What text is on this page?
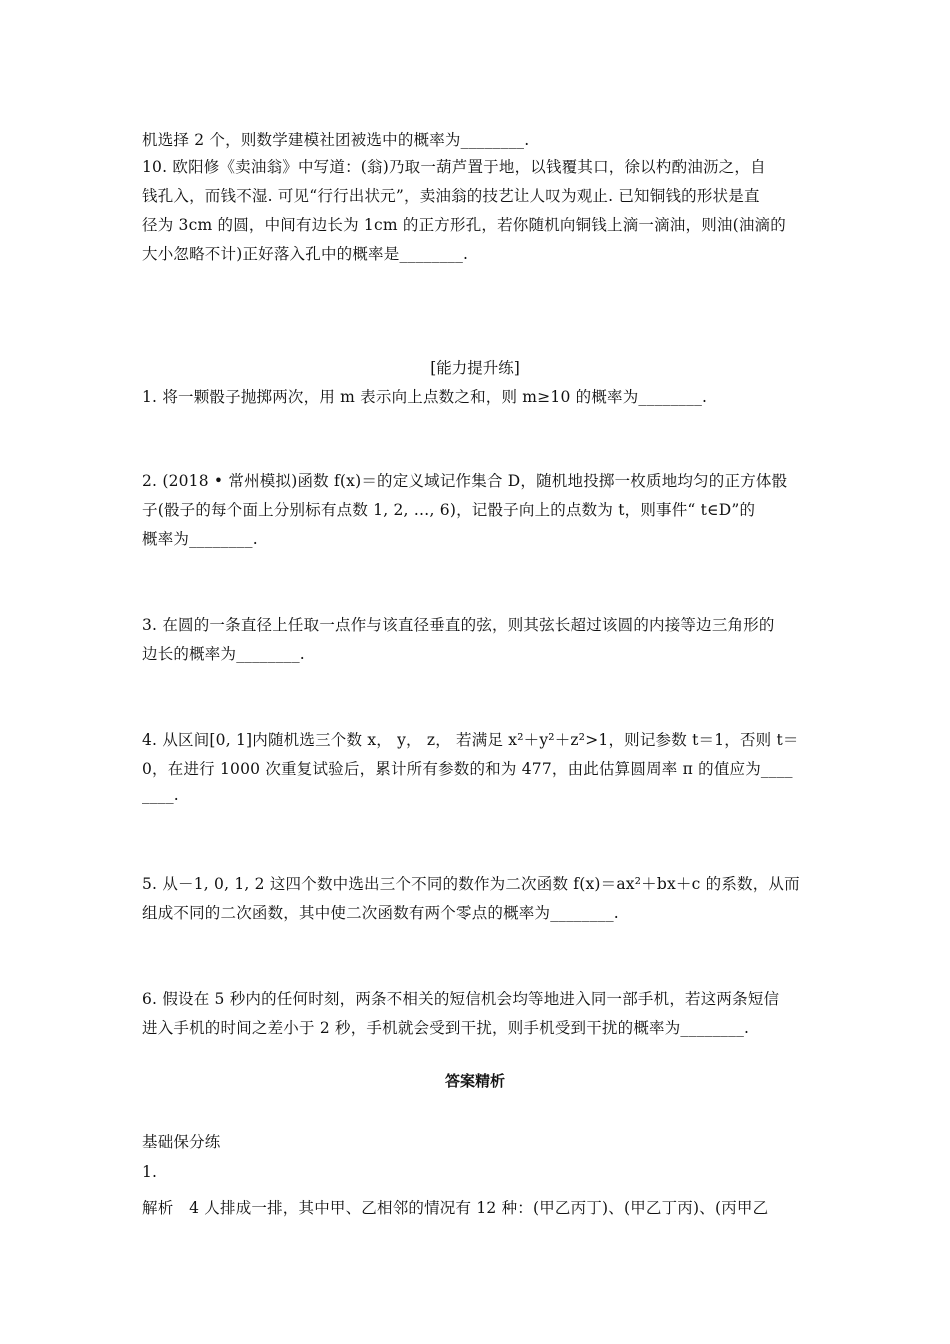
机选择 2 个，则数学建模社团被选中的概率为________.
10. 欧阳修《卖油翁》中写道：(翁)乃取一葫芦置于地，以钱覆其口，徐以杓酌油沥之，自
钱孔入，而钱不湿. 可见“行行出状元”，卖油翁的技艺让人叹为观止. 已知铜钱的形状是直
径为 3cm 的圆，中间有边长为 1cm 的正方形孔，若你随机向铜钱上滴一滴油，则油(油滴的
大小忽略不计)正好落入孔中的概率是________.
[能力提升练]
1. 将一颗骰子抛掷两次，用 m 表示向上点数之和，则 m≥10 的概率为________.
2. (2018 • 常州模拟)函数 f(x)＝的定义域记作集合 D，随机地投掷一枚质地均匀的正方体骰
子(骰子的每个面上分别标有点数 1, 2, …, 6)，记骰子向上的点数为 t，则事件“ t∈D”的
概率为________.
3. 在圆的一条直径上任取一点作与该直径垂直的弦，则其弦长超过该圆的内接等边三角形的
边长的概率为________.
4. 从区间[0, 1]内随机选三个数 x， y， z， 若满足 x²＋y²＋z²>1，则记参数 t＝1，否则 t＝
0，在进行 1000 次重复试验后，累计所有参数的和为 477，由此估算圆周率 π 的值应为____
____.
5. 从－1, 0, 1, 2 这四个数中选出三个不同的数作为二次函数 f(x)＝ax²＋bx＋c 的系数，从而
组成不同的二次函数，其中使二次函数有两个零点的概率为________.
6. 假设在 5 秒内的任何时刻，两条不相关的短信机会均等地进入同一部手机，若这两条短信
进入手机的时间之差小于 2 秒，手机就会受到干扰，则手机受到干扰的概率为________.
答案精析
基础保分练
1.
解析　4 人排成一排，其中甲、乙相邻的情况有 12 种：(甲乙丙丁)、(甲乙丁丙)、(丙甲乙
